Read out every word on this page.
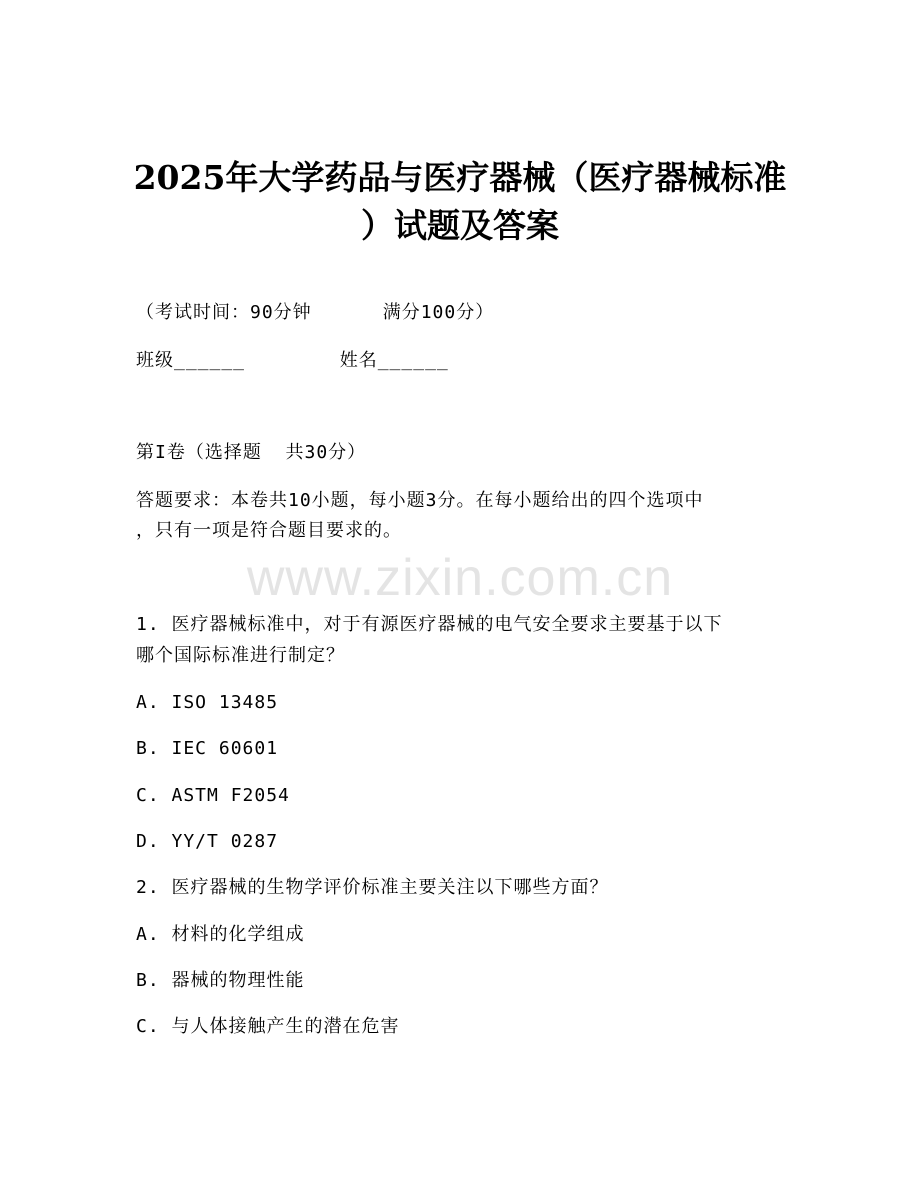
2025年大学药品与医疗器械（医疗器械标准
）试题及答案
（考试时间：90分钟      满分100分）
班级______        姓名______
第I卷（选择题  共30分）
答题要求：本卷共10小题，每小题3分。在每小题给出的四个选项中
，只有一项是符合题目要求的。
www.zixin.com.cn
1. 医疗器械标准中，对于有源医疗器械的电气安全要求主要基于以下
哪个国际标准进行制定？
A. ISO 13485
B. IEC 60601
C. ASTM F2054
D. YY/T 0287
2. 医疗器械的生物学评价标准主要关注以下哪些方面？
A. 材料的化学组成
B. 器械的物理性能
C. 与人体接触产生的潜在危害
